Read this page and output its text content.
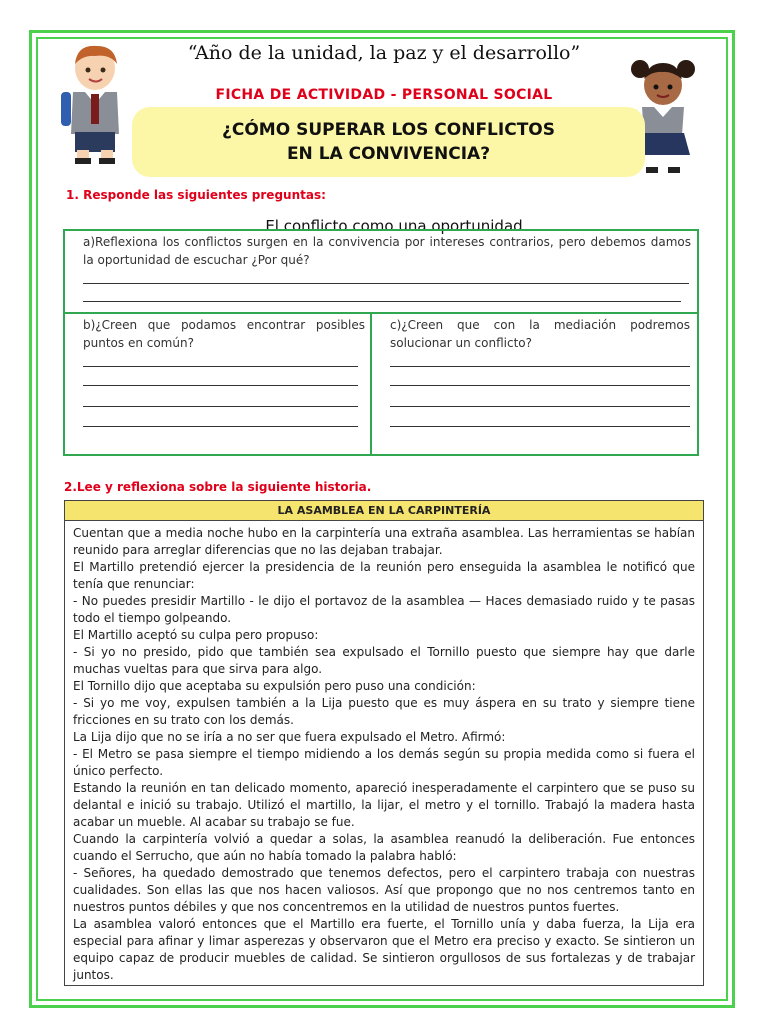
“Año de la unidad, la paz y el desarrollo”
FICHA DE ACTIVIDAD - PERSONAL SOCIAL
¿CÓMO SUPERAR LOS CONFLICTOS EN LA CONVIVENCIA?
1. Responde las siguientes preguntas:
El conflicto como una oportunidad
a)Reflexiona los conflictos surgen en la convivencia por intereses contrarios, pero debemos damos la oportunidad de escuchar ¿Por qué?
b)¿Creen que podamos encontrar posibles puntos en común?
c)¿Creen que con la mediación podremos solucionar un conflicto?
2.Lee y reflexiona sobre la siguiente historia.
LA ASAMBLEA EN LA CARPINTERÍA

Cuentan que a media noche hubo en la carpintería una extraña asamblea. Las herramientas se habían reunido para arreglar diferencias que no las dejaban trabajar.

El Martillo pretendió ejercer la presidencia de la reunión pero enseguida la asamblea le notificó que tenía que renunciar:

- No puedes presidir Martillo - le dijo el portavoz de la asamblea — Haces demasiado ruido y te pasas todo el tiempo golpeando.

El Martillo aceptó su culpa pero propuso:

- Si yo no presido, pido que también sea expulsado el Tornillo puesto que siempre hay que darle muchas vueltas para que sirva para algo.

El Tornillo dijo que aceptaba su expulsión pero puso una condición:

- Si yo me voy, expulsen también a la Lija puesto que es muy áspera en su trato y siempre tiene fricciones en su trato con los demás.

La Lija dijo que no se iría a no ser que fuera expulsado el Metro. Afirmó:

- El Metro se pasa siempre el tiempo midiendo a los demás según su propia medida como si fuera el único perfecto.

Estando la reunión en tan delicado momento, apareció inesperadamente el carpintero que se puso su delantal e inició su trabajo. Utilizó el martillo, la lijar, el metro y el tornillo. Trabajó la madera hasta acabar un mueble. Al acabar su trabajo se fue.

Cuando la carpintería volvió a quedar a solas, la asamblea reanudó la deliberación. Fue entonces cuando el Serrucho, que aún no había tomado la palabra habló:

- Señores, ha quedado demostrado que tenemos defectos, pero el carpintero trabaja con nuestras cualidades. Son ellas las que nos hacen valiosos. Así que propongo que no nos centremos tanto en nuestros puntos débiles y que nos concentremos en la utilidad de nuestros puntos fuertes.

La asamblea valoró entonces que el Martillo era fuerte, el Tornillo unía y daba fuerza, la Lija era especial para afinar y limar asperezas y observaron que el Metro era preciso y exacto. Se sintieron un equipo capaz de producir muebles de calidad. Se sintieron orgullosos de sus fortalezas y de trabajar juntos.
